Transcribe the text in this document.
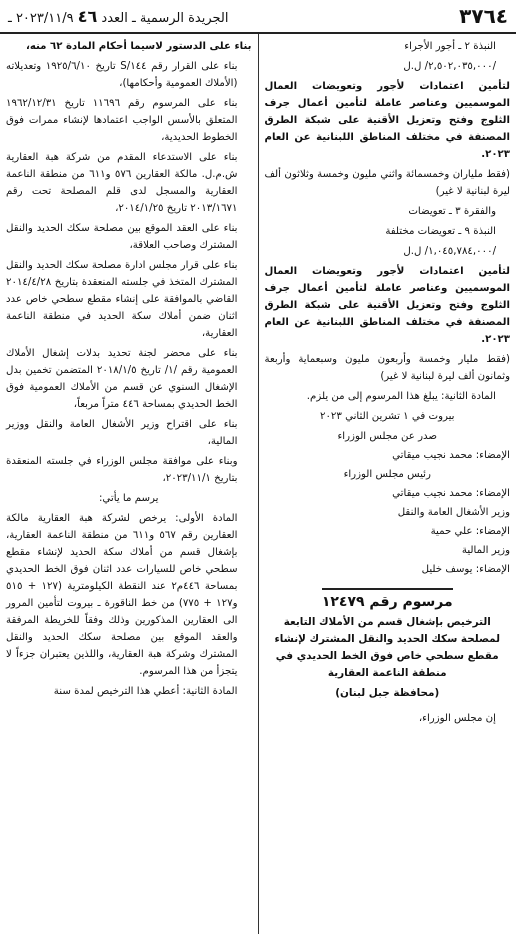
٣٧٦٤
الجريدة الرسمية ـ العدد ٤٦ ٢٠٢٣/١١/٩ ـ

النبذة ٢ ـ أجور الأجراء

/٢,٥٠٢,٠٣٥,٠٠٠/ ل.ل

لتأمين اعتمادات لأجور وتعويضات العمال الموسميين وعناصر عاملة لتأمين أعمال جرف الثلوج وفتح وتعزيل الأقنية على شبكة الطرق المصنفة في مختلف المناطق اللبنانية عن العام ٢٠٢٣.

(فقط ملياران وخمسمائة واثني مليون وخمسة وثلاثون ألف ليرة لبنانية لا غير)

والفقرة ٣ ـ تعويضات

النبذة ٩ ـ تعويضات مختلفة

/١,٠٤٥,٧٨٤,٠٠٠/ ل.ل

لتأمين اعتمادات لأجور وتعويضات العمال الموسميين وعناصر عاملة لتأمين أعمال جرف الثلوج وفتح وتعزيل الأقنية على شبكة الطرق المصنفة في مختلف المناطق اللبنانية عن العام ٢٠٢٣.

(فقط مليار وخمسة وأربعون مليون وسبعماية وأربعة وثمانون ألف ليرة لبنانية لا غير)

المادة الثانية: يبلغ هذا المرسوم إلى من يلزم.

بيروت في ١ تشرين الثاني ٢٠٢٣

صدر عن مجلس الوزراء

الإمضاء: محمد نجيب ميقاتي

رئيس مجلس الوزراء

الإمضاء: محمد نجيب ميقاتي

وزير الأشغال العامة والنقل

الإمضاء: علي حمية

وزير المالية

الإمضاء: يوسف خليل

مرسوم رقم ١٢٤٧٩

الترخيص بإشغال قسم من الأملاك التابعة لمصلحة سكك الحديد والنقل المشترك لإنشاء مقطع سطحي خاص فوق الخط الحديدي في منطقة الناعمة العقارية

(محافظة جبل لبنان)

إن مجلس الوزراء،

بناء على الدستور لاسيما أحكام المادة ٦٢ منه،

بناء على القرار رقم ١٤٤/S تاريخ ١٩٢٥/٦/١٠ وتعديلاته (الأملاك العمومية وأحكامها)،

بناء على المرسوم رقم ١١٦٩٦ تاريخ ١٩٦٢/١٢/٣١ المتعلق بالأسس الواجب اعتمادها لإنشاء ممرات فوق الخطوط الحديدية،

بناء على الاستدعاء المقدم من شركة هبة العقارية ش.م.ل. مالكة العقارين ٥٧٦ و٦١١ من منطقة الناعمة العقارية والمسجل لدى قلم المصلحة تحت رقم ٢٠١٣/١٦٧١ تاريخ ٢٠١٤/١/٢٥،

بناء على العقد الموقع بين مصلحة سكك الحديد والنقل المشترك وصاحب العلاقة،

بناء على قرار مجلس ادارة مصلحة سكك الحديد والنقل المشترك المتخذ في جلسته المنعقدة بتاريخ ٢٠١٤/٤/٢٨ القاضي بالموافقة على إنشاء مقطع سطحي خاص عدد اثنان ضمن أملاك سكة الحديد في منطقة الناعمة العقارية،

بناء على محضر لجنة تحديد بدلات إشغال الأملاك العمومية رقم /١/ تاريخ ٢٠١٨/١/٥ المتضمن تخمين بدل الإشغال السنوي عن قسم من الأملاك العمومية فوق الخط الحديدي بمساحة ٤٤٦ متراً مربعاً،

بناء على اقتراح وزير الأشغال العامة والنقل ووزير المالية،

وبناء على موافقة مجلس الوزراء في جلسته المنعقدة بتاريخ ٢٠٢٣/١١/١،

يرسم ما يأتي:

المادة الأولى: يرخص لشركة هبة العقارية مالكة العقارين رقم ٥٦٧ و٦١١ من منطقة الناعمة العقارية، بإشغال قسم من أملاك سكة الحديد لإنشاء مقطع سطحي خاص للسيارات عدد اثنان فوق الخط الحديدي بمساحة ٤٤٦م٢ عند النقطة الكيلومترية (١٢٧ + ٥١٥ و١٢٧ + ٧٧٥) من خط الناقورة ـ بيروت لتأمين المرور الى العقارين المذكورين وذلك وفقاً للخريطة المرفقة والعقد الموقع بين مصلحة سكك الحديد والنقل المشترك وشركة هبة العقارية، واللذين يعتبران جزءاً لا يتجزأ من هذا المرسوم.

المادة الثانية: أعطي هذا الترخيص لمدة سنة
